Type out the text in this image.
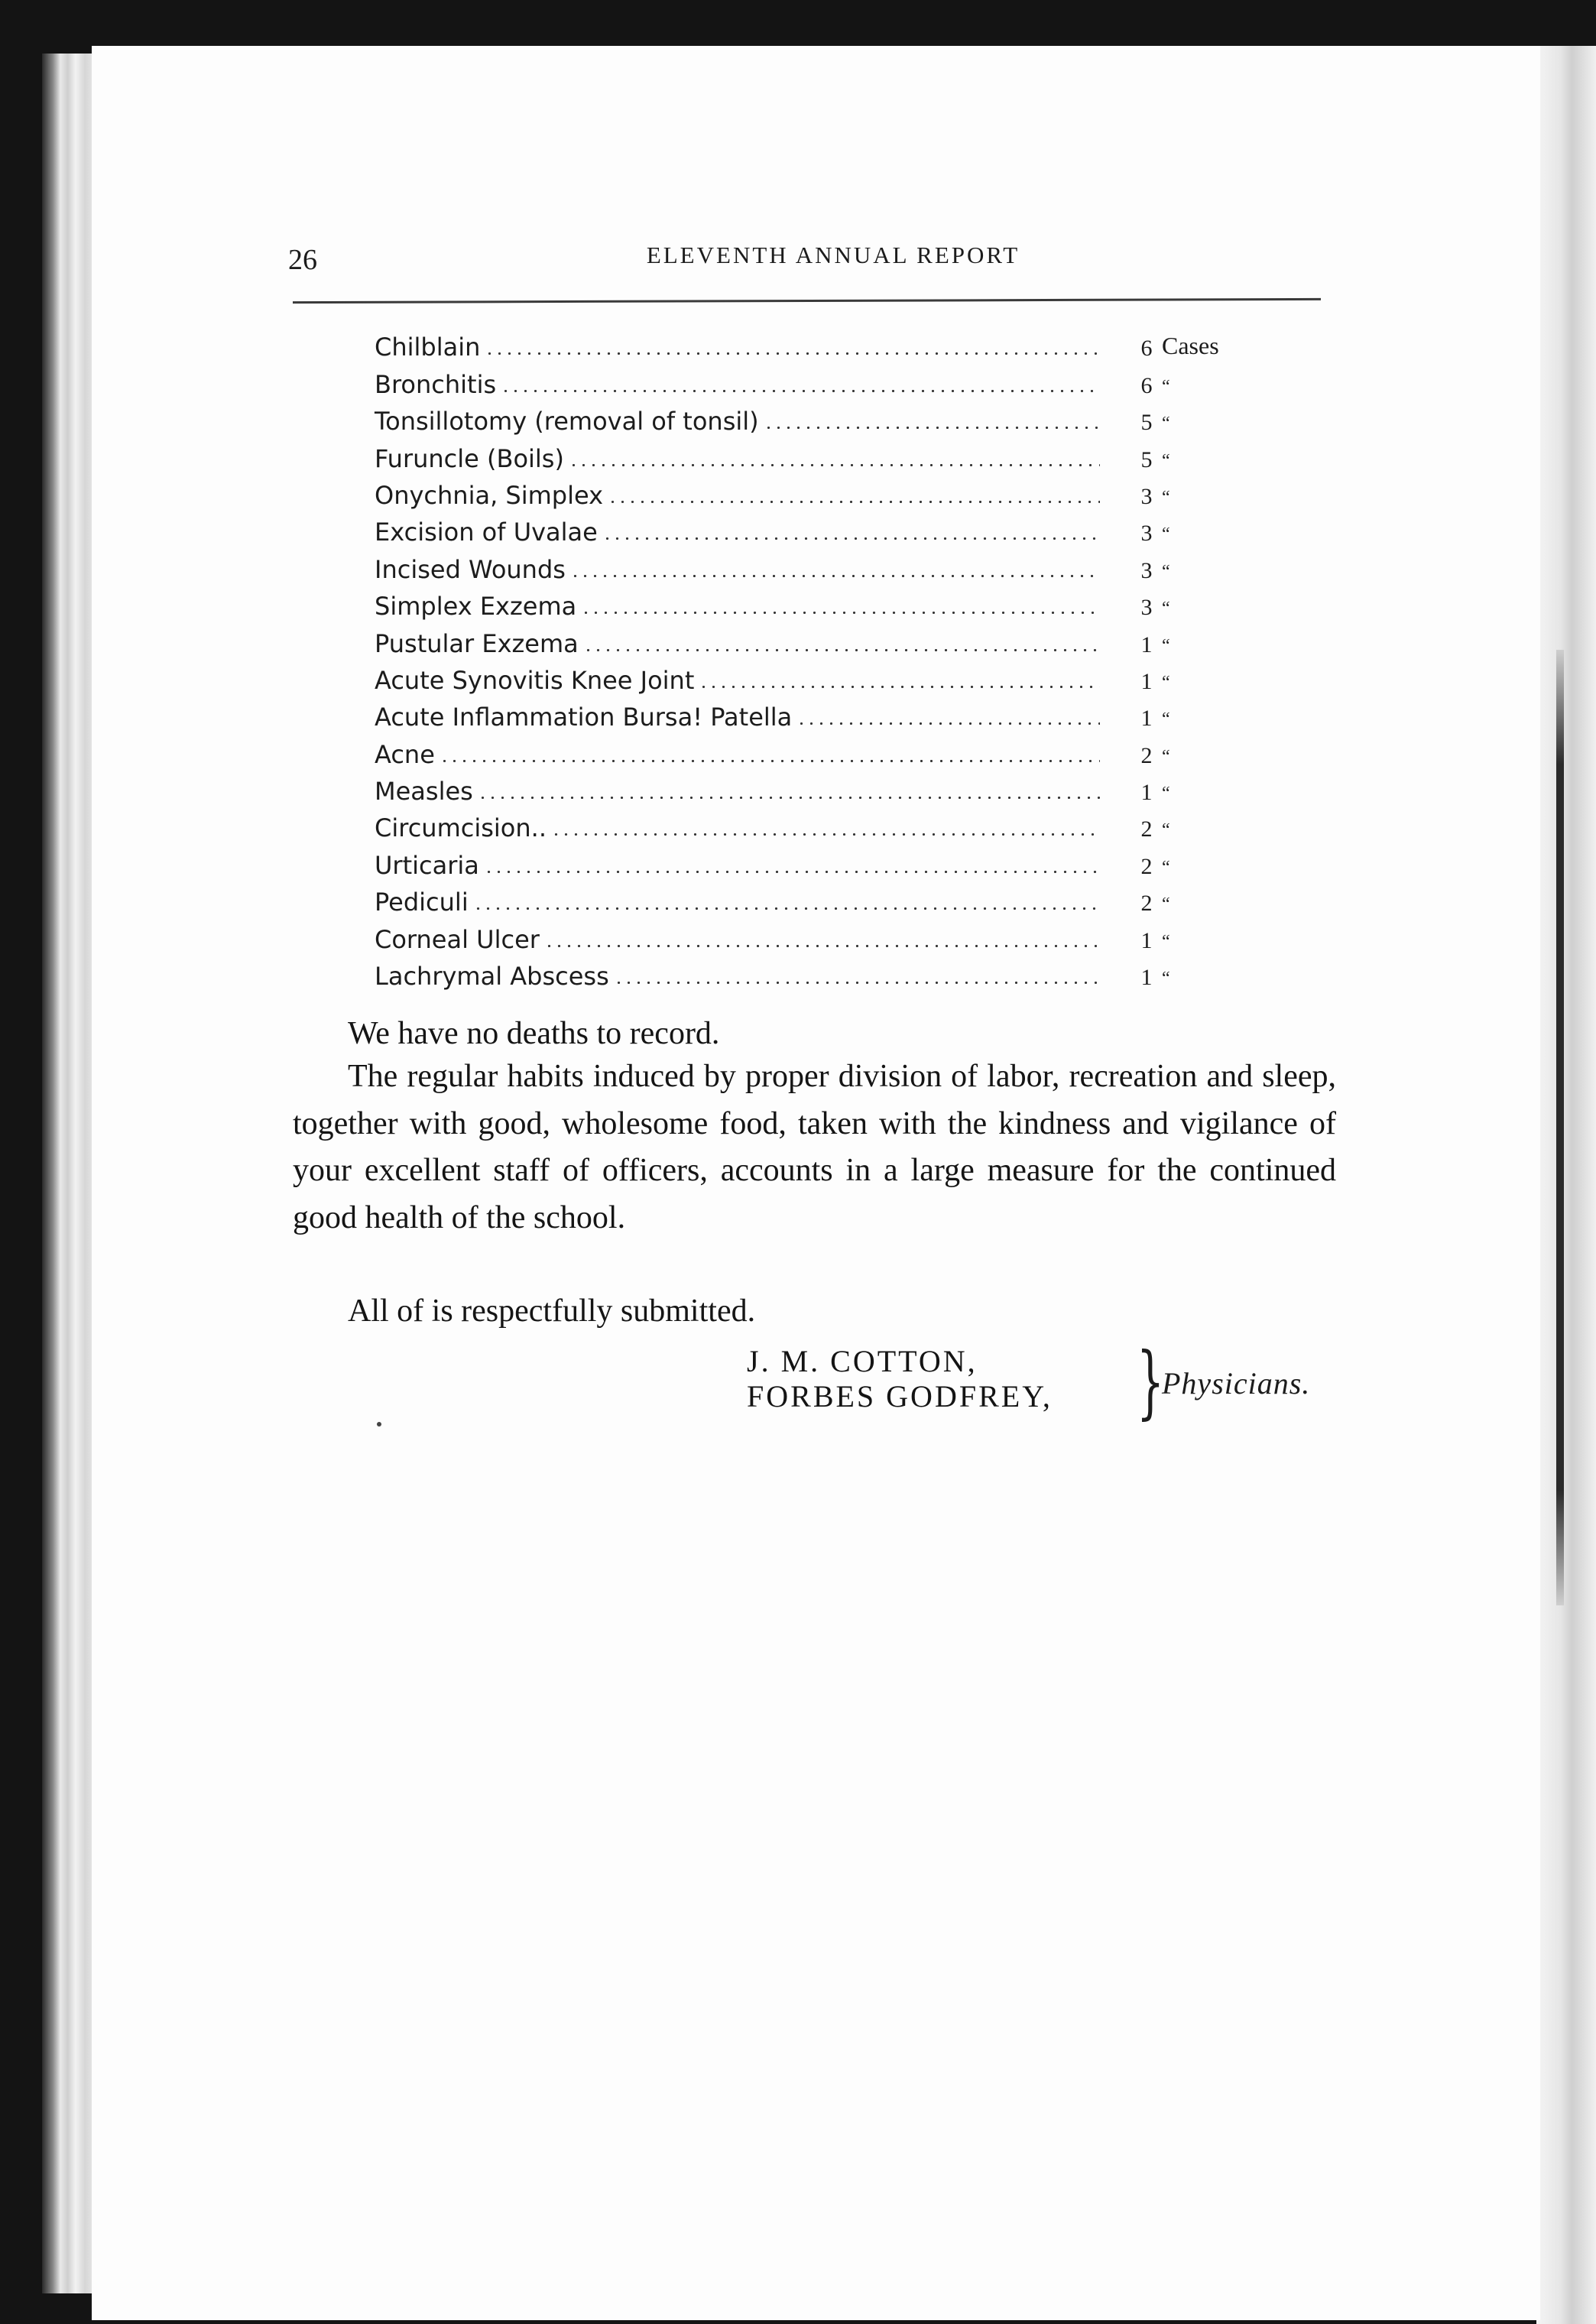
26	ELEVENTH ANNUAL REPORT
Chilblain	6 Cases
Bronchitis	6 “
Tonsillotomy (removal of tonsil)	5 “
Furuncle (Boils)	5 “
Onychnia, Simplex	3 “
Excision of Uvalae	3 “
Incised Wounds	3 “
Simplex Exzema	3 “
Pustular Exzema	1 “
Acute Synovitis Knee Joint	1 “
Acute Inflammation Bursa! Patella	1 “
Acne	2 “
Measles	1 “
Circumcision..	2 “
Urticaria	2 “
Pediculi	2 “
Corneal Ulcer	1 “
Lachrymal Abscess	1 “
We have no deaths to record.
The regular habits induced by proper division of labor, recreation and sleep, together with good, wholesome food, taken with the kindness and vigilance of your excellent staff of officers, accounts in a large measure for the continued good health of the school.
All of is respectfully submitted.
J. M. COTTON,
FORBES GODFREY, }
Physicians.
